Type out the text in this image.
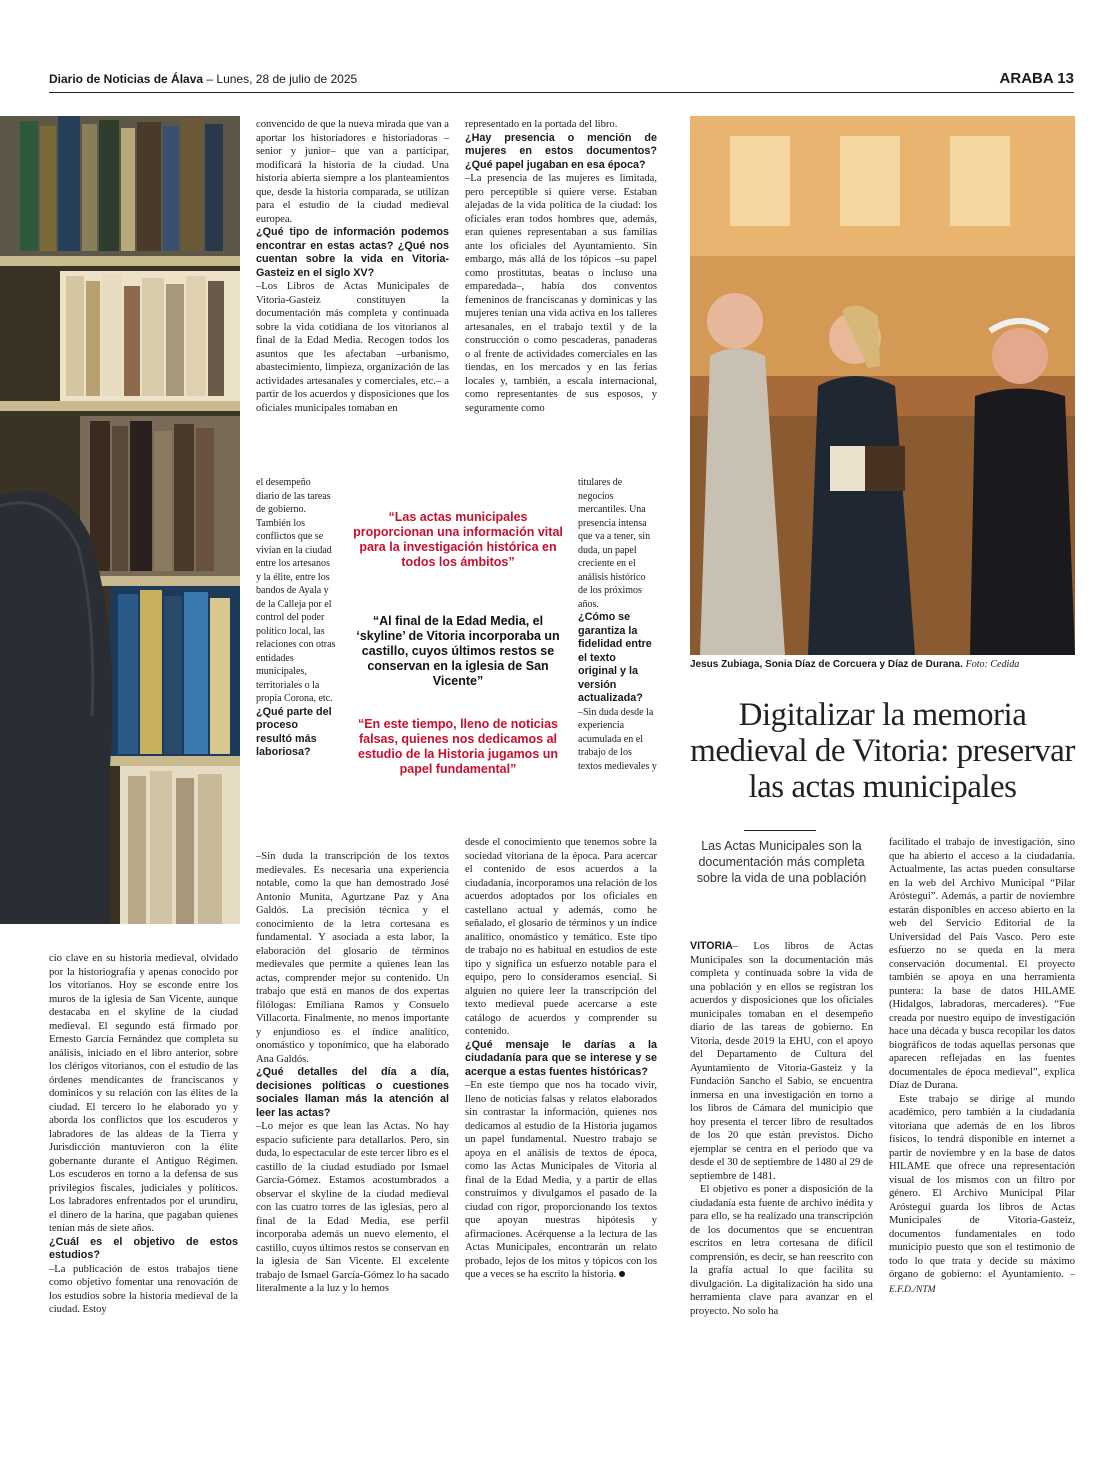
Diario de Noticias de Álava – Lunes, 28 de julio de 2025	ARABA 13
Jesus Zubiaga, Sonia Díaz de Corcuera y Díaz de Durana. Foto: Cedida
Digitalizar la memoria medieval de Vitoria: preservar las actas municipales
Las Actas Municipales son la documentación más completa sobre la vida de una población

cio clave en su historia medieval, olvidado por la historiografía y apenas conocido por los vitorianos. Hoy se esconde entre los muros de la iglesia de San Vicente, aunque destacaba en el skyline de la ciudad medieval. El segundo está firmado por Ernesto García Fernández que completa su análisis, iniciado en el libro anterior, sobre los clérigos vitorianos, con el estudio de las órdenes mendicantes de franciscanos y dominicos y su relación con las élites de la ciudad. El tercero lo he elaborado yo y aborda los conflictos que los escuderos y labradores de las aldeas de la Tierra y Jurisdicción mantuvieron con la élite gobernante durante el Antiguo Régimen. Los escuderos en torno a la defensa de sus privilegios fiscales, judiciales y políticos. Los labradores enfrentados por el urundiru, el dinero de la harina, que pagaban quienes tenían más de siete años.

¿Cuál es el objetivo de estos estudios?

–La publicación de estos trabajos tiene como objetivo fomentar una renovación de los estudios sobre la historia medieval de la ciudad. Estoy

convencido de que la nueva mirada que van a aportar los historiadores e historiadoras –senior y junior– que van a participar, modificará la historia de la ciudad. Una historia abierta siempre a los planteamientos que, desde la historia comparada, se utilizan para el estudio de la ciudad medieval europea.

¿Qué tipo de información podemos encontrar en estas actas? ¿Qué nos cuentan sobre la vida en Vitoria-Gasteiz en el siglo XV?

–Los Libros de Actas Municipales de Vitoria-Gasteiz constituyen la documentación más completa y continuada sobre la vida cotidiana de los vitorianos al final de la Edad Media. Recogen todos los asuntos que les afectaban –urbanismo, abastecimiento, limpieza, organización de las actividades artesanales y comerciales, etc.– a partir de los acuerdos y disposiciones que los oficiales municipales tomaban en

el desempeño diario de las tareas de gobierno. También los conflictos que se vivían en la ciudad entre los artesanos y la élite, entre los bandos de Ayala y de la Calleja por el control del poder político local, las relaciones con otras entidades municipales, territoriales o la propia Corona, etc.

¿Qué parte del proceso resultó más laboriosa?

–Sin duda la transcripción de los textos medievales. Es necesaria una experiencia notable, como la que han demostrado José Antonio Munita, Agurtzane Paz y Ana Galdós. La precisión técnica y el conocimiento de la letra cortesana es fundamental. Y asociada a esta labor, la elaboración del glosario de términos medievales que permite a quienes lean las actas, comprender mejor su contenido. Un trabajo que está en manos de dos expertas filólogas: Emiliana Ramos y Consuelo Villacorta. Finalmente, no menos importante y enjundioso es el índice analítico, onomástico y toponímico, que ha elaborado Ana Galdós.

¿Qué detalles del día a día, decisiones políticas o cuestiones sociales llaman más la atención al leer las actas?

–Lo mejor es que lean las Actas. No hay espacio suficiente para detallarlos. Pero, sin duda, lo espectacular de este tercer libro es el castillo de la ciudad estudiado por Ismael García-Gómez. Estamos acostumbrados a observar el skyline de la ciudad medieval con las cuatro torres de las iglesias, pero al final de la Edad Media, ese perfil incorporaba además un nuevo elemento, el castillo, cuyos últimos restos se conservan en la iglesia de San Vicente. El excelente trabajo de Ismael García-Gómez lo ha sacado literalmente a la luz y lo hemos

representado en la portada del libro.

¿Hay presencia o mención de mujeres en estos documentos? ¿Qué papel jugaban en esa época?

–La presencia de las mujeres es limitada, pero perceptible si quiere verse. Estaban alejadas de la vida política de la ciudad: los oficiales eran todos hombres que, además, eran quienes representaban a sus familias ante los oficiales del Ayuntamiento. Sin embargo, más allá de los tópicos –su papel como prostitutas, beatas o incluso una emparedada–, había dos conventos femeninos de franciscanas y dominicas y las mujeres tenían una vida activa en los talleres artesanales, en el trabajo textil y de la construcción o como pescaderas, panaderas o al frente de actividades comerciales en las tiendas, en los mercados y en las ferias locales y, también, a escala internacional, como representantes de sus esposos, y seguramente como

titulares de negocios mercantiles. Una presencia intensa que va a tener, sin duda, un papel creciente en el análisis histórico de los próximos años.

¿Cómo se garantiza la fidelidad entre el texto original y la versión actualizada?

–Sin duda desde la experiencia acumulada en el trabajo de los textos medievales y

desde el conocimiento que tenemos sobre la sociedad vitoriana de la época. Para acercar el contenido de esos acuerdos a la ciudadanía, incorporamos una relación de los acuerdos adoptados por los oficiales en castellano actual y además, como he señalado, el glosario de términos y un índice analítico, onomástico y temático. Este tipo de trabajo no es habitual en estudios de este tipo y significa un esfuerzo notable para el equipo, pero lo consideramos esencial. Si alguien no quiere leer la transcripción del texto medieval puede acercarse a este catálogo de acuerdos y comprender su contenido.

¿Qué mensaje le darías a la ciudadanía para que se interese y se acerque a estas fuentes históricas?

–En este tiempo que nos ha tocado vivir, lleno de noticias falsas y relatos elaborados sin contrastar la información, quienes nos dedicamos al estudio de la Historia jugamos un papel fundamental. Nuestro trabajo se apoya en el análisis de textos de época, como las Actas Municipales de Vitoria al final de la Edad Media, y a partir de ellas construimos y divulgamos el pasado de la ciudad con rigor, proporcionando los textos que apoyan nuestras hipótesis y afirmaciones. Acérquense a la lectura de las Actas Municipales, encontrarán un relato probado, lejos de los mitos y tópicos con los que a veces se ha escrito la historia.

“Las actas municipales proporcionan una información vital para la investigación histórica en todos los ámbitos”
“Al final de la Edad Media, el ‘skyline’ de Vitoria incorporaba un castillo, cuyos últimos restos se conservan en la iglesia de San Vicente”
“En este tiempo, lleno de noticias falsas, quienes nos dedicamos al estudio de la Historia jugamos un papel fundamental”

VITORIA– Los libros de Actas Municipales son la documentación más completa y continuada sobre la vida de una población y en ellos se registran los acuerdos y disposiciones que los oficiales municipales tomaban en el desempeño diario de las tareas de gobierno. En Vitoria, desde 2019 la EHU, con el apoyo del Departamento de Cultura del Ayuntamiento de Vitoria-Gasteiz y la Fundación Sancho el Sabio, se encuentra inmersa en una investigación en torno a los libros de Cámara del municipio que hoy presenta el tercer libro de resultados de los 20 que están previstos. Dicho ejemplar se centra en el periodo que va desde el 30 de septiembre de 1480 al 29 de septiembre de 1481.

El objetivo es poner a disposición de la ciudadanía esta fuente de archivo inédita y para ello, se ha realizado una transcripción de los documentos que se encuentran escritos en letra cortesana de difícil comprensión, es decir, se han reescrito con la grafía actual lo que facilita su divulgación. La digitalización ha sido una herramienta clave para avanzar en el proyecto. No solo ha

facilitado el trabajo de investigación, sino que ha abierto el acceso a la ciudadanía. Actualmente, las actas pueden consultarse en la web del Archivo Municipal “Pilar Aróstegui”. Además, a partir de noviembre estarán disponibles en acceso abierto en la web del Servicio Editorial de la Universidad del País Vasco. Pero este esfuerzo no se queda en la mera conservación documental. El proyecto también se apoya en una herramienta puntera: la base de datos HILAME (Hidalgos, labradoras, mercaderes). “Fue creada por nuestro equipo de investigación hace una década y busca recopilar los datos biográficos de todas aquellas personas que aparecen reflejadas en las fuentes documentales de época medieval”, explica Díaz de Durana.

Este trabajo se dirige al mundo académico, pero también a la ciudadanía vitoriana que además de en los libros físicos, lo tendrá disponible en internet a partir de noviembre y en la base de datos HILAME que ofrece una representación visual de los mismos con un filtro por género. El Archivo Municipal Pilar Aróstegui guarda los libros de Actas Municipales de Vitoria-Gasteiz, documentos fundamentales en todo municipio puesto que son el testimonio de todo lo que trata y decide su máximo órgano de gobierno: el Ayuntamiento. – E.F.D./NTM
